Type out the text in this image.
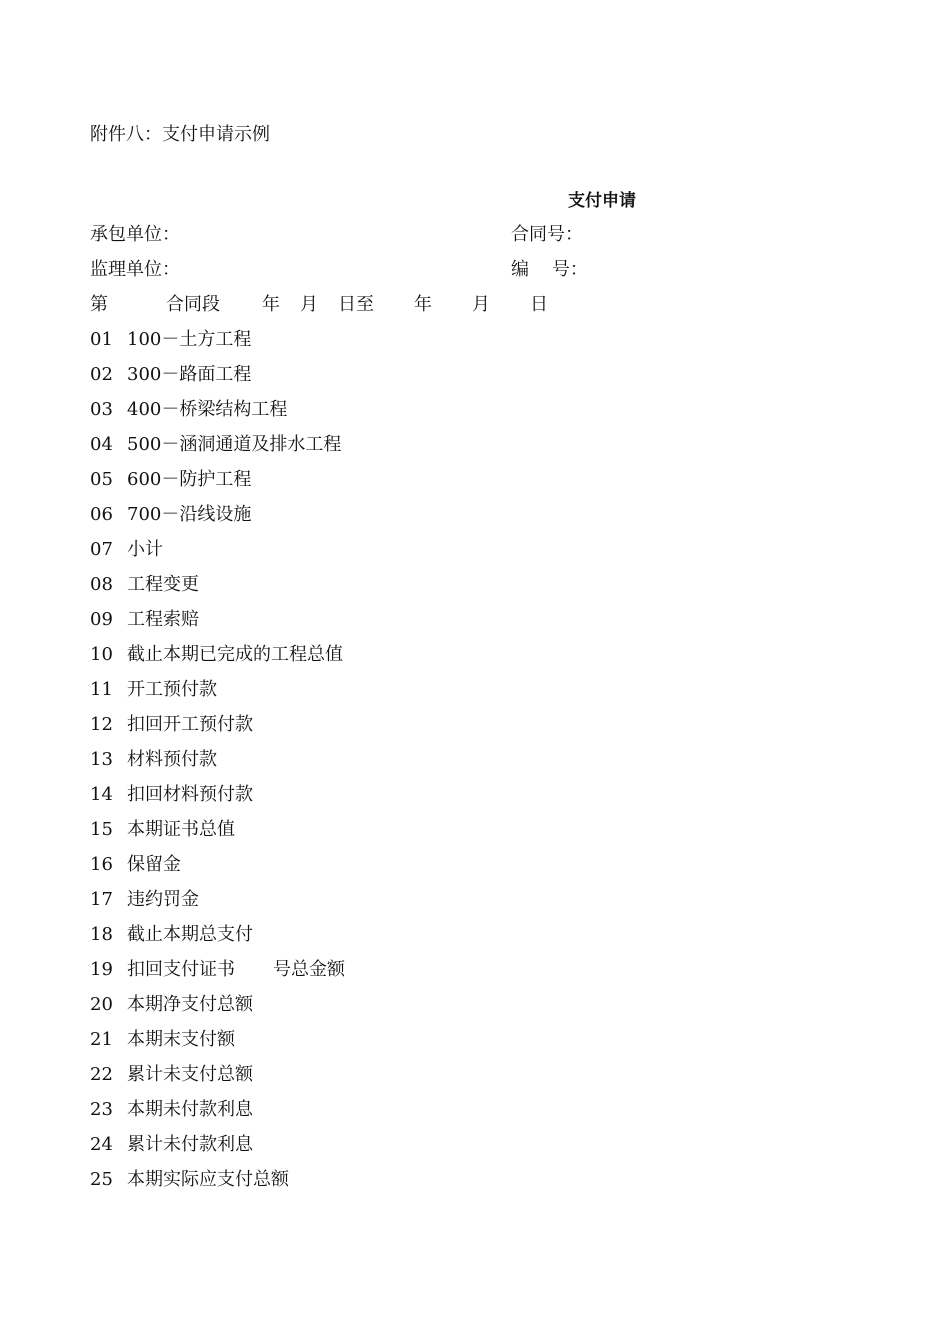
附件八：支付申请示例
支付申请
承包单位：	合同号：
监理单位：	编    号：
第	合同段 年 月 日至 年 月 日
01 100－土方工程
02 300－路面工程
03 400－桥梁结构工程
04 500－涵洞通道及排水工程
05 600－防护工程
06 700－沿线设施
07 小计
08 工程变更
09 工程索赔
10 截止本期已完成的工程总值
11 开工预付款
12 扣回开工预付款
13 材料预付款
14 扣回材料预付款
15 本期证书总值
16 保留金
17 违约罚金
18 截止本期总支付
19 扣回支付证书 号总金额
20 本期净支付总额
21 本期末支付额
22 累计未支付总额
23 本期未付款利息
24 累计未付款利息
25 本期实际应支付总额
